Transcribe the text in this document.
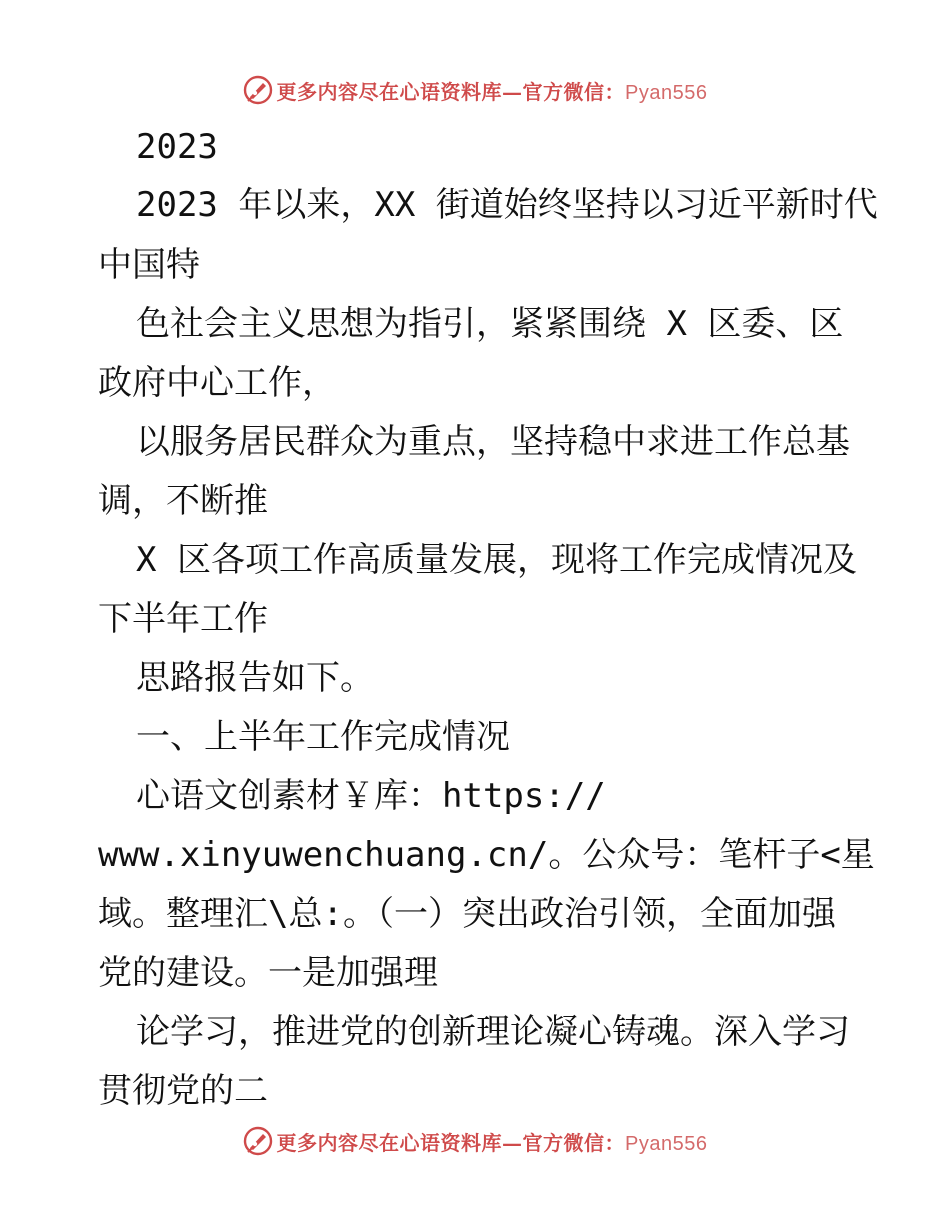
更多内容尽在心语资料库—官方微信：Pyan556
2023
2023 年以来，XX 街道始终坚持以习近平新时代
中国特
色社会主义思想为指引，紧紧围绕 X 区委、区
政府中心工作，
以服务居民群众为重点，坚持稳中求进工作总基
调，不断推
X 区各项工作高质量发展，现将工作完成情况及
下半年工作
思路报告如下。
一、上半年工作完成情况
心语文创素材￥库：https://
www.xinyuwenchuang.cn/。公众号：笔杆子<星
域。整理汇\总:。（一）突出政治引领，全面加强
党的建设。一是加强理
论学习，推进党的创新理论凝心铸魂。深入学习
贯彻党的二
更多内容尽在心语资料库—官方微信：Pyan556
